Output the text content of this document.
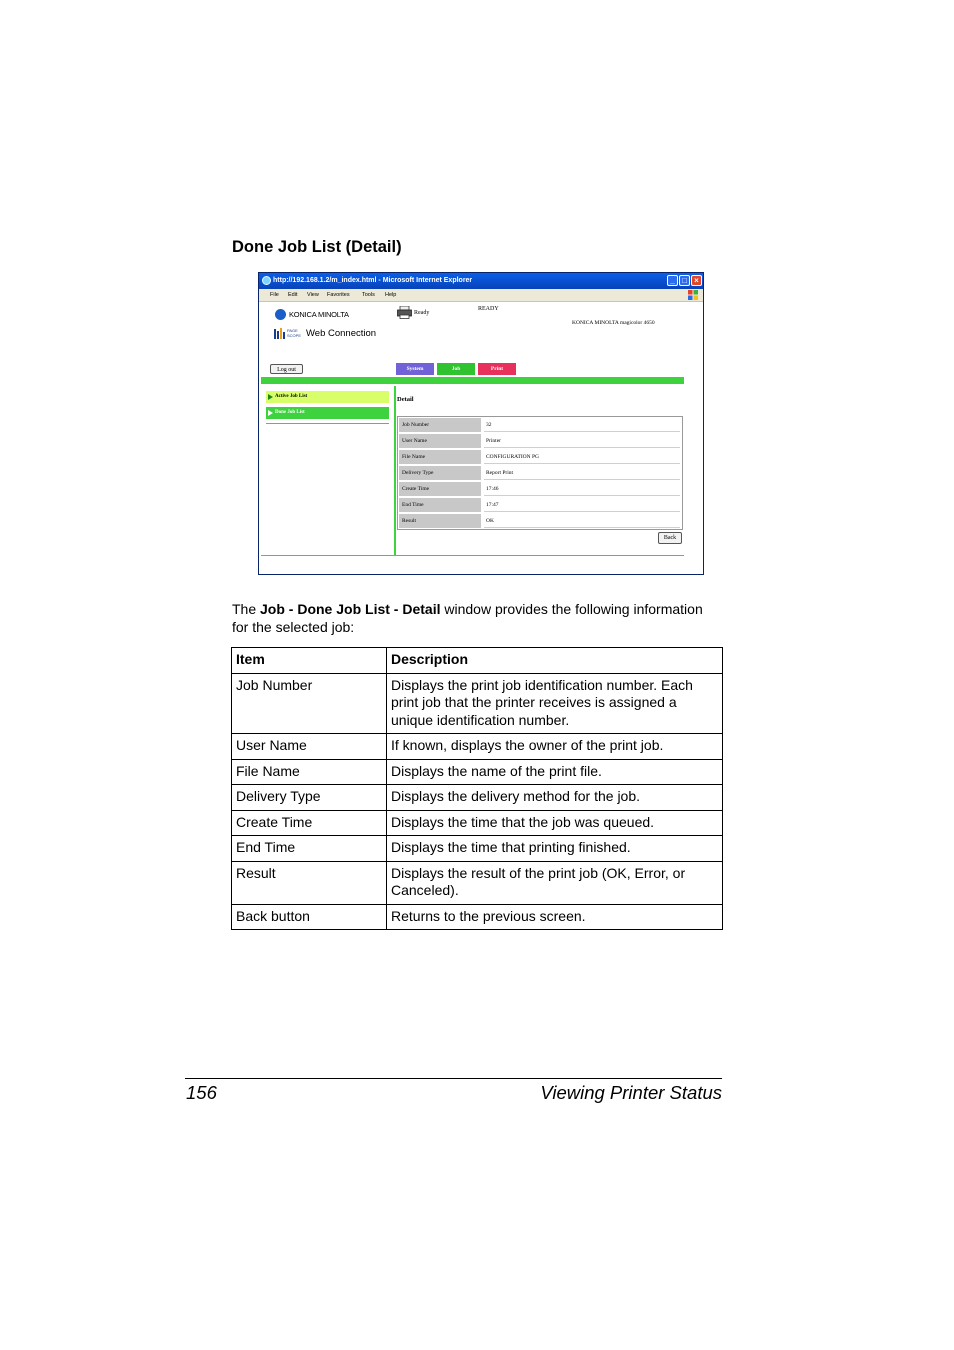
Done Job List (Detail)
http://192.168.1.2/m_index.html - Microsoft Internet Explorer	_ □ ×
File Edit View Favorites Tools Help
KONICA MINOLTA
PAGE SCOPE Web Connection
Ready
READY
KONICA MINOLTA magicolor 4650
Log out	System	Job	Print
Active Job List
Done Job List
Detail
Job Number	32
User Name	Printer
File Name	CONFIGURATION PG
Delivery Type	Report Print
Create Time	17:46
End Time	17:47
Result	OK
Back
The Job - Done Job List - Detail window provides the following information for the selected job:
Item	Description
Job Number	Displays the print job identification number. Each print job that the printer receives is assigned a unique identification number.
User Name	If known, displays the owner of the print job.
File Name	Displays the name of the print file.
Delivery Type	Displays the delivery method for the job.
Create Time	Displays the time that the job was queued.
End Time	Displays the time that printing finished.
Result	Displays the result of the print job (OK, Error, or Canceled).
Back button	Returns to the previous screen.
156	Viewing Printer Status
